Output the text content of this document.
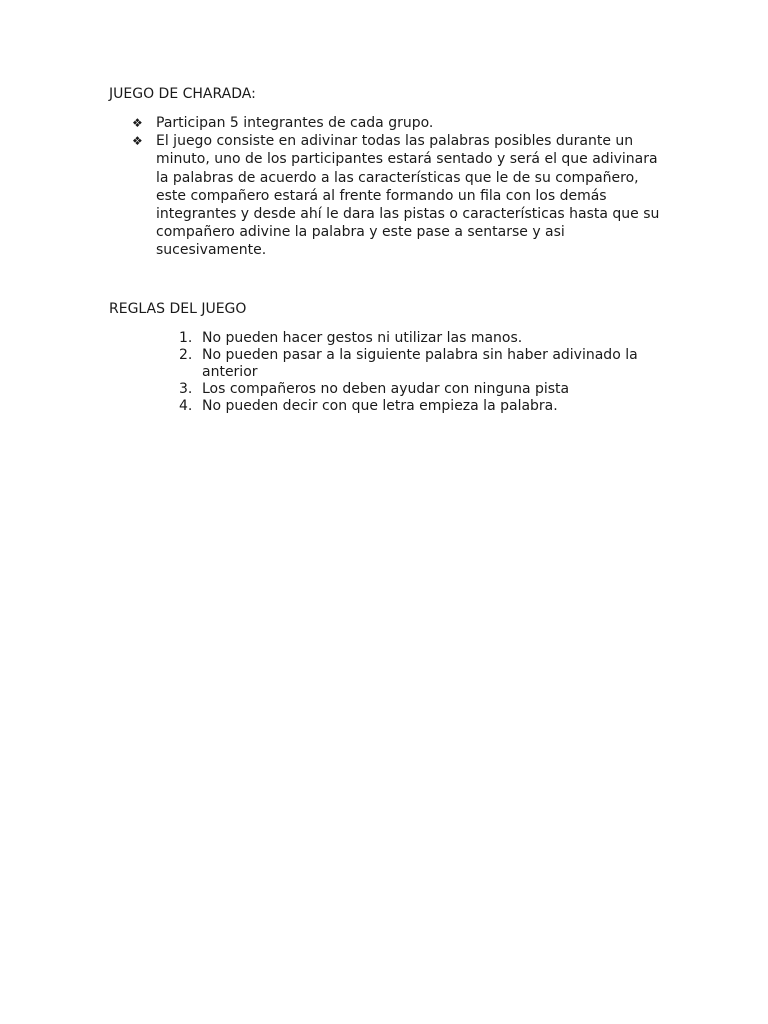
JUEGO DE CHARADA:
❖ Participan 5 integrantes de cada grupo.
❖ El juego consiste en adivinar todas las palabras posibles durante un minuto, uno de los participantes estará sentado y será el que adivinara la palabras de acuerdo a las características que le de su compañero, este compañero estará al frente formando un fila con los demás integrantes y desde ahí le dara las pistas o características hasta que su compañero adivine la palabra y este pase a sentarse y asi sucesivamente.
REGLAS DEL JUEGO
1. No pueden hacer gestos ni utilizar las manos.
2. No pueden pasar a la siguiente palabra sin haber adivinado la anterior
3. Los compañeros no deben ayudar con ninguna pista
4. No pueden decir con que letra empieza la palabra.
